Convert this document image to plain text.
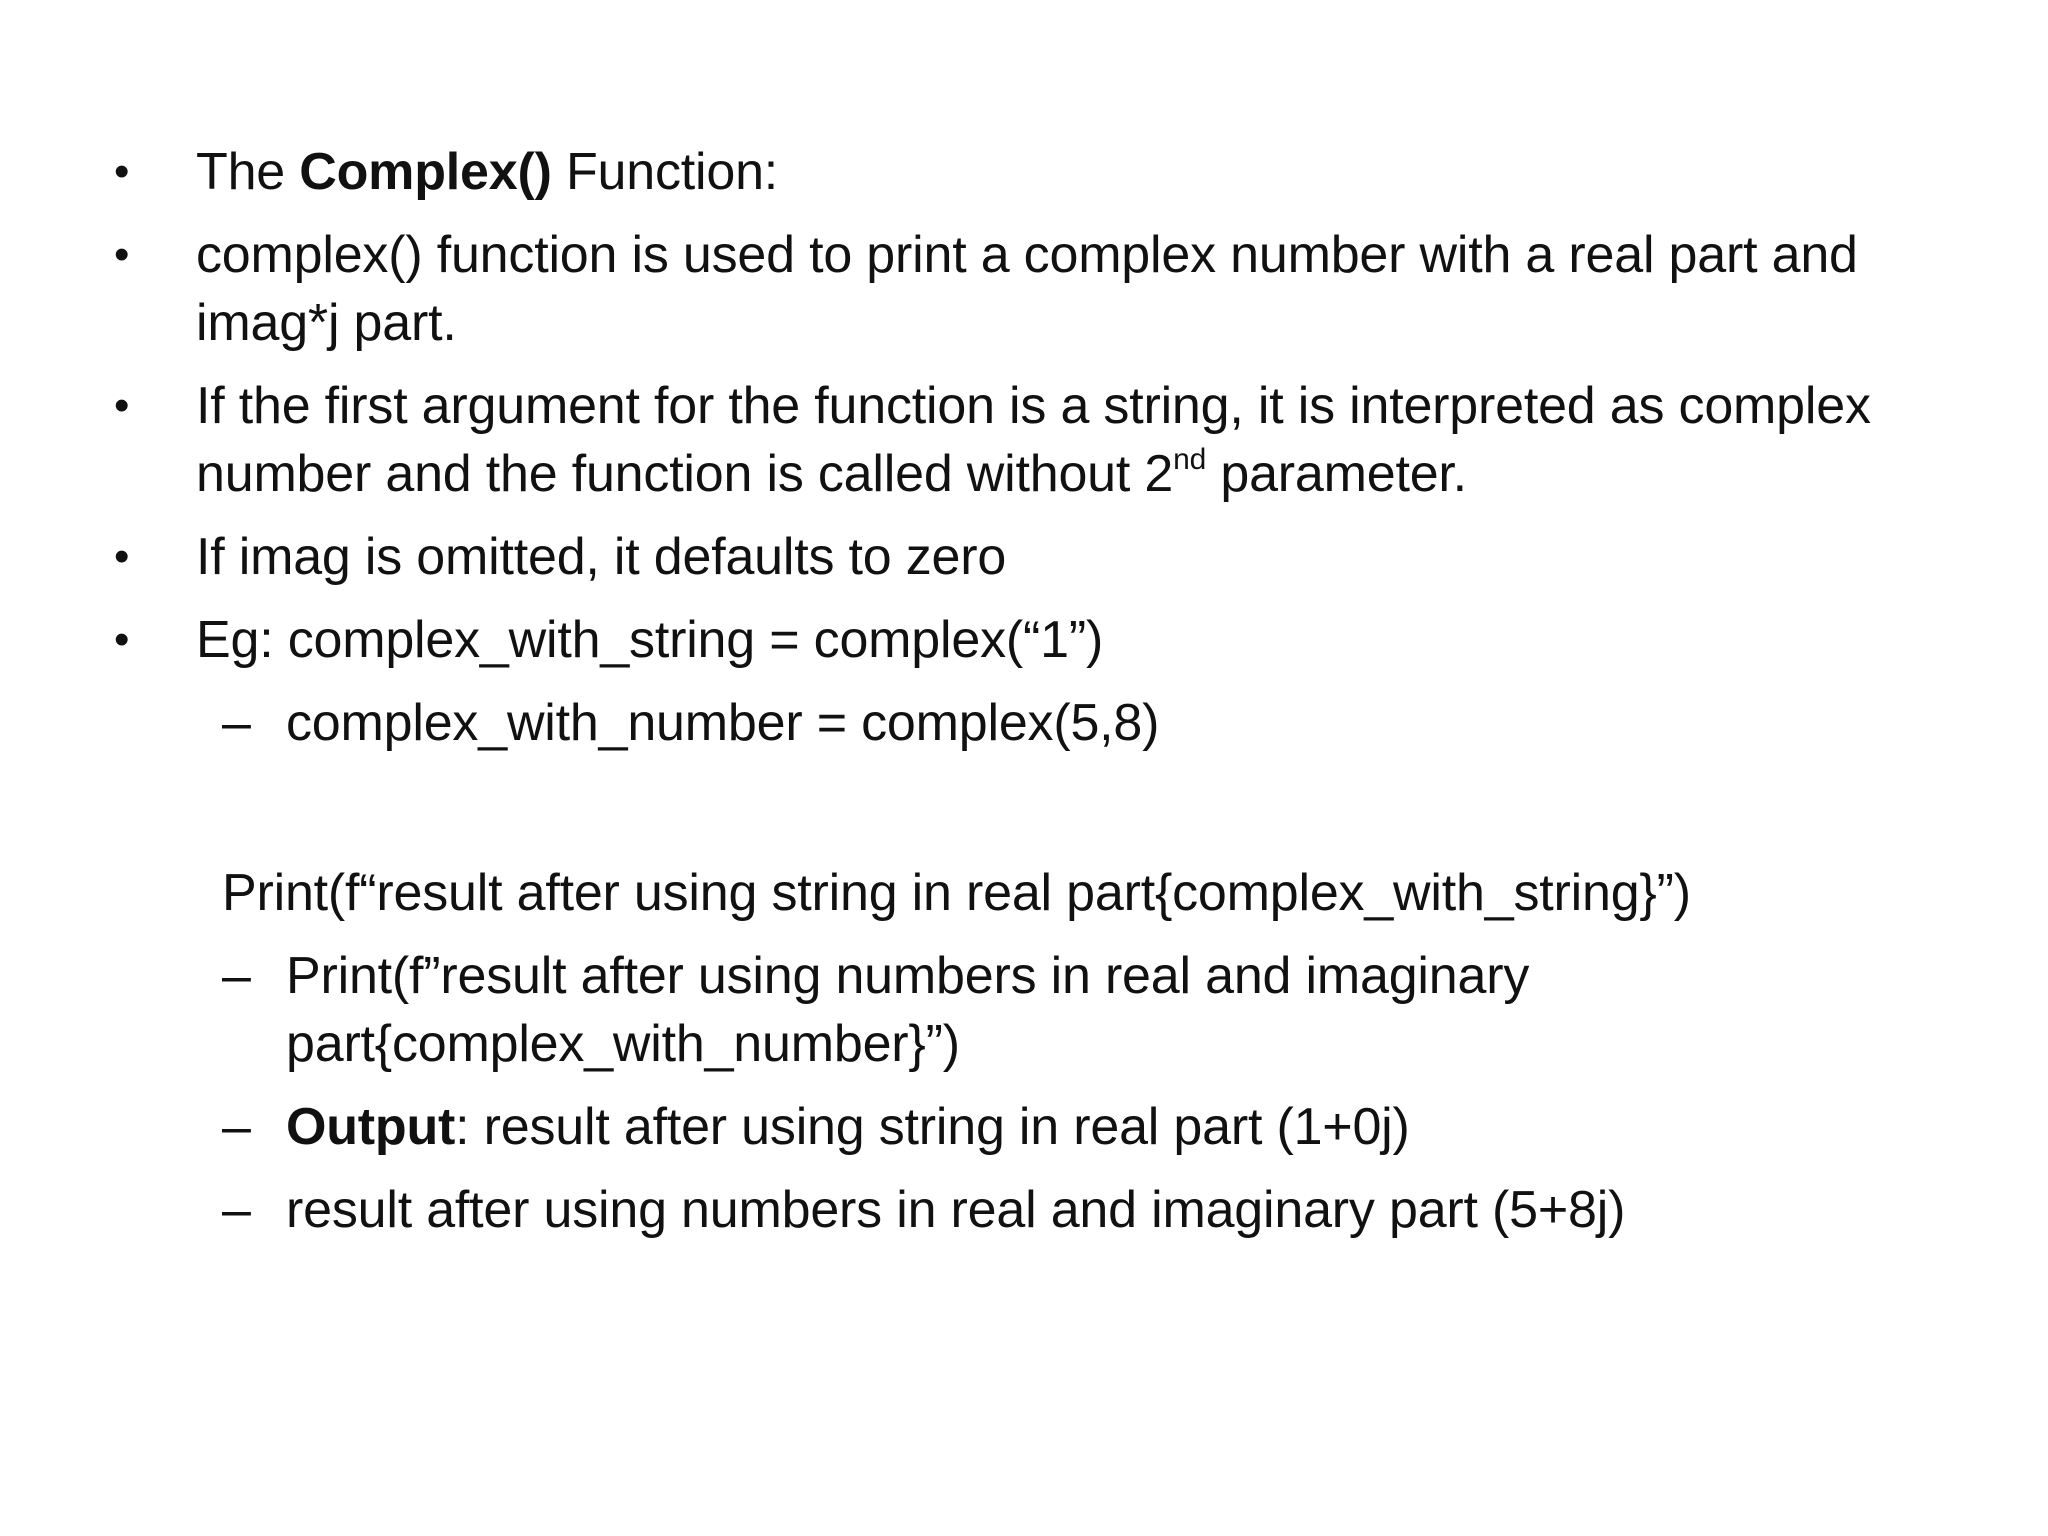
•	The Complex() Function:
•	complex() function is used to print a complex number with a real part and
imag*j part.
•	If the first argument for the function is a string, it is interpreted as complex
number and the function is called without 2nd parameter.
•	If imag is omitted, it defaults to zero
•	Eg: complex_with_string = complex(“1”)
– complex_with_number = complex(5,8)
Print(f“result after using string in real part{complex_with_string}”)
– Print(f”result after using numbers in real and imaginary
part{complex_with_number}”)
– Output: result after using string in real part (1+0j)
– result after using numbers in real and imaginary part (5+8j)
